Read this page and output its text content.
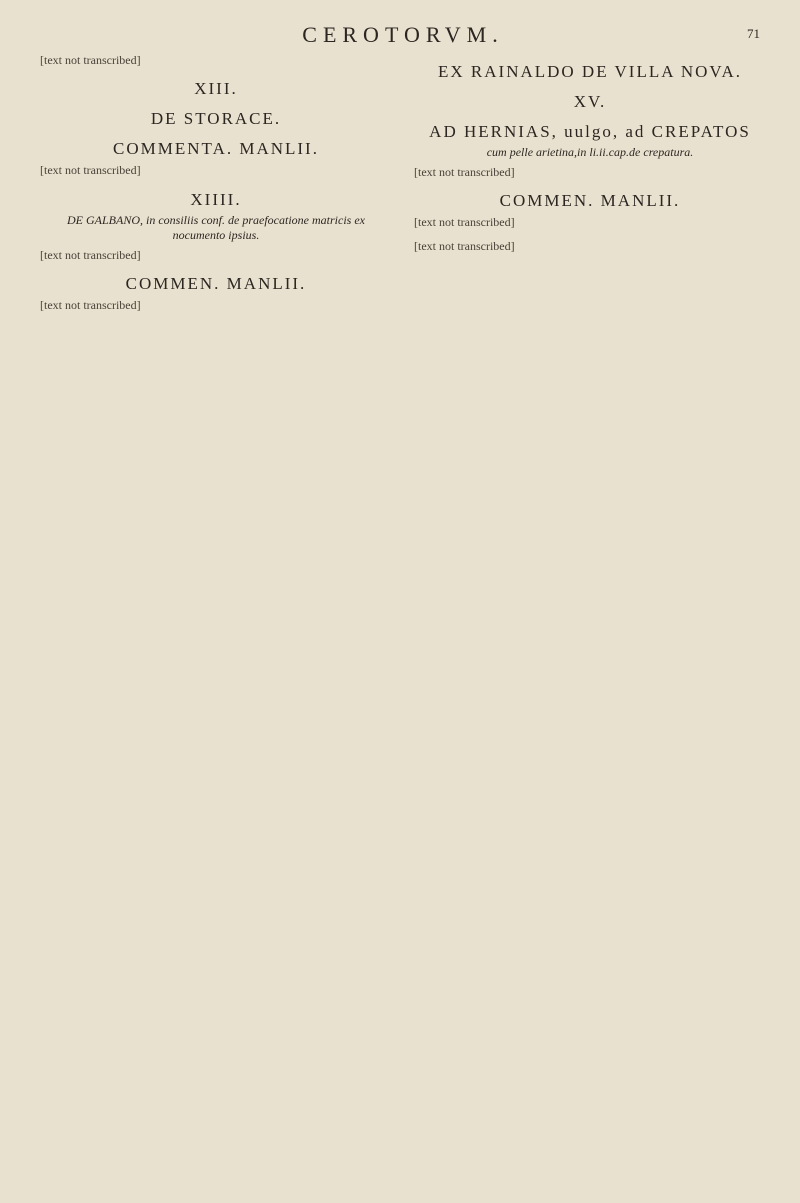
CEROTORVM.	71

[text not transcribed]

XIII.
DE STORACE.
COMMENTA. MANLII.

[text not transcribed]

XIIII.
DE GALBANO, in consiliis conf. de praefocatione matricis ex nocumento ipsius.

[text not transcribed]

COMMEN. MANLII.

[text not transcribed]

EX RAINALDO DE VILLA NOVA.
XV.
AD HERNIAS, uulgo, ad CREPATOS
cum pelle arietina,in li.ii.cap.de crepatura.

[text not transcribed]

COMMEN. MANLII.

[text not transcribed]

[text not transcribed]
